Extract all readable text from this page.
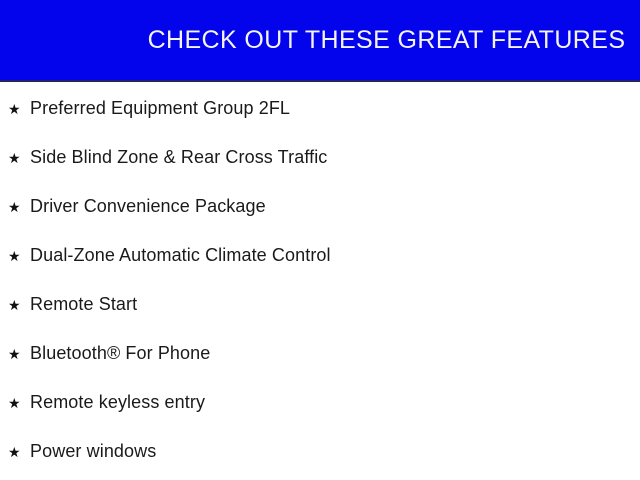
CHECK OUT THESE GREAT FEATURES
★ Preferred Equipment Group 2FL
★ Side Blind Zone & Rear Cross Traffic
★ Driver Convenience Package
★ Dual-Zone Automatic Climate Control
★ Remote Start
★ Bluetooth® For Phone
★ Remote keyless entry
★ Power windows
